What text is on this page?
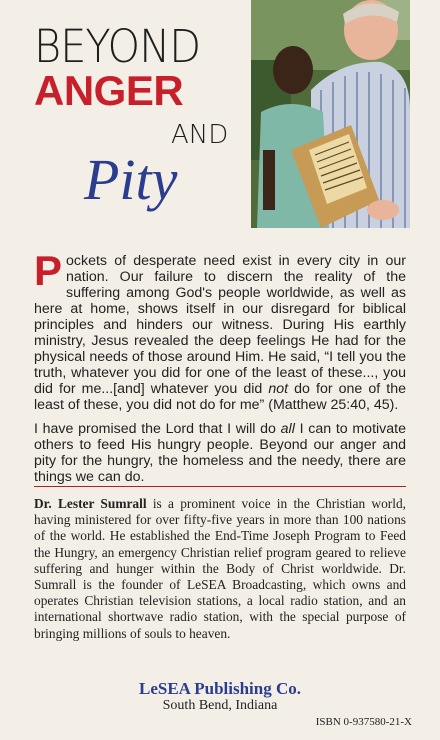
BEYOND
ANGER
AND
Pity

Pockets of desperate need exist in every city in our nation. Our failure to discern the reality of the suffering among God's people worldwide, as well as here at home, shows itself in our disregard for biblical principles and hinders our witness. During His earthly ministry, Jesus revealed the deep feelings He had for the physical needs of those around Him. He said, “I tell you the truth, whatever you did for one of the least of these..., you did for me...[and] whatever you did not do for one of the least of these, you did not do for me” (Matthew 25:40, 45).

I have promised the Lord that I will do all I can to motivate others to feed His hungry people. Beyond our anger and pity for the hungry, the homeless and the needy, there are things we can do.

Dr. Lester Sumrall is a prominent voice in the Christian world, having ministered for over fifty-five years in more than 100 nations of the world. He established the End-Time Joseph Program to Feed the Hungry, an emergency Christian relief program geared to relieve suffering and hunger within the Body of Christ worldwide. Dr. Sumrall is the founder of LeSEA Broadcasting, which owns and operates Christian television stations, a local radio station, and an international shortwave radio station, with the special purpose of bringing millions of souls to heaven.
LeSEA Publishing Co.
South Bend, Indiana
ISBN 0-937580-21-X
